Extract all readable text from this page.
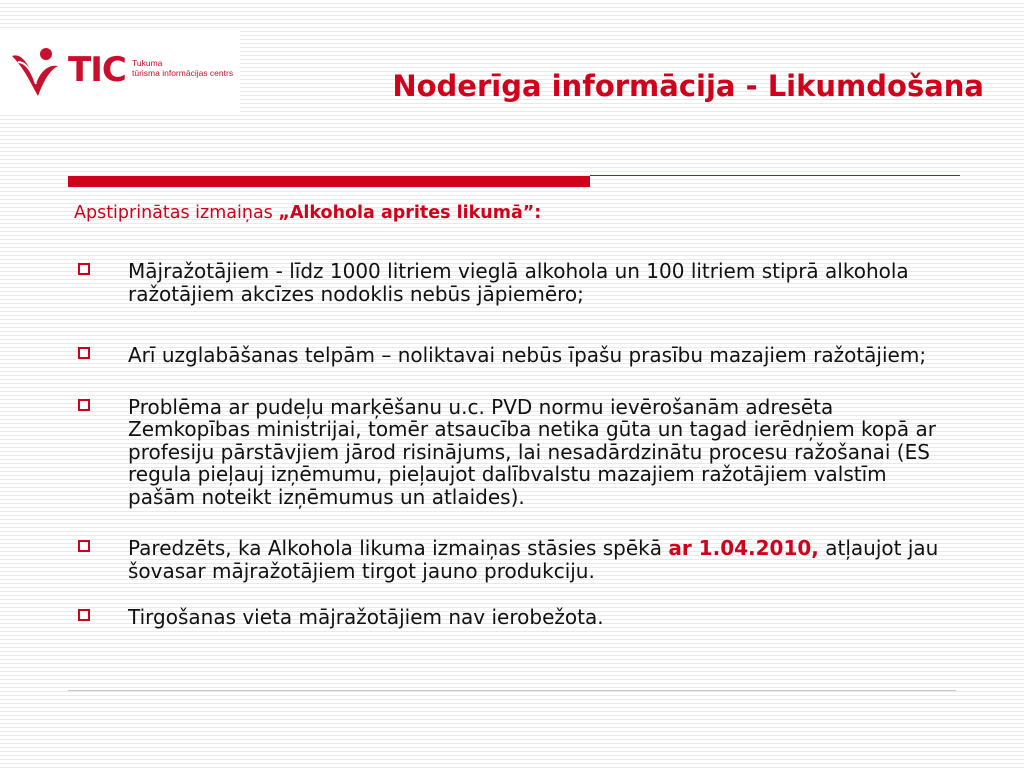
TIC Tukuma
tūrisma informācijas centrs	Noderīga informācija - Likumdošana

Apstiprinātas izmaiņas „Alkohola aprites likumā”:

Mājražotājiem - līdz 1000 litriem vieglā alkohola un 100 litriem stiprā alkohola ražotājiem akcīzes nodoklis nebūs jāpiemēro;
Arī uzglabāšanas telpām – noliktavai nebūs īpašu prasību mazajiem ražotājiem;
Problēma ar pudeļu marķēšanu u.c. PVD normu ievērošanām adresēta Zemkopības ministrijai, tomēr atsaucība netika gūta un tagad ierēdņiem kopā ar profesiju pārstāvjiem jārod risinājums, lai nesadārdzinātu procesu ražošanai (ES regula pieļauj izņēmumu, pieļaujot dalībvalstu mazajiem ražotājiem valstīm pašām noteikt izņēmumus un atlaides).
Paredzēts, ka Alkohola likuma izmaiņas stāsies spēkā ar 1.04.2010, atļaujot jau šovasar mājražotājiem tirgot jauno produkciju.
Tirgošanas vieta mājražotājiem nav ierobežota.
